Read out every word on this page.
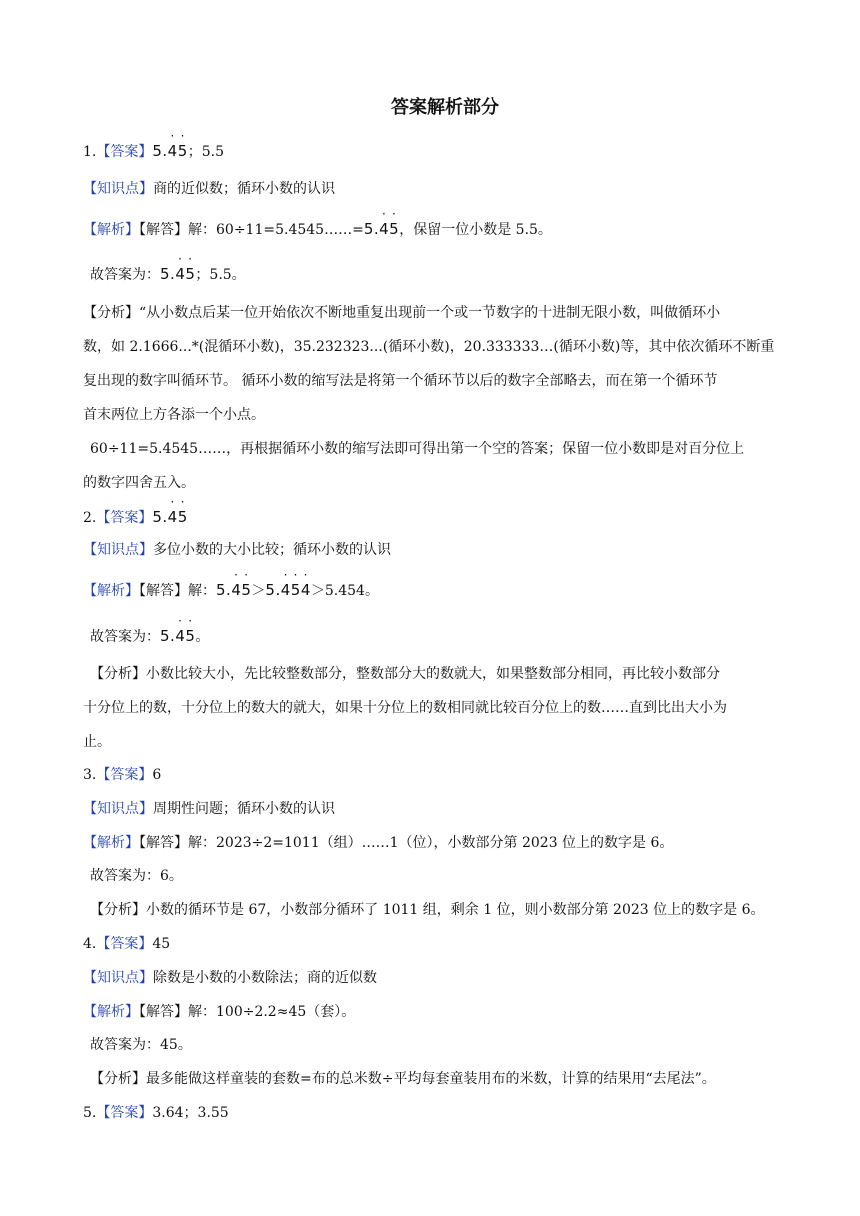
答案解析部分
1.【答案】5.· 4· 5；5.5
【知识点】商的近似数；循环小数的认识
【解析】【解答】解：60÷11=5.4545……=5.· 4· 5，保留一位小数是 5.5。
故答案为：5.· 4· 5；5.5。
【分析】“从小数点后某一位开始依次不断地重复出现前一个或一节数字的十进制无限小数，叫做循环小
数，如 2.1666...*(混循环小数)，35.232323...(循环小数)，20.333333…(循环小数)等，其中依次循环不断重
复出现的数字叫循环节。 循环小数的缩写法是将第一个循环节以后的数字全部略去，而在第一个循环节
首末两位上方各添一个小点。
60÷11=5.4545……，再根据循环小数的缩写法即可得出第一个空的答案；保留一位小数即是对百分位上
的数字四舍五入。
2.【答案】5.· 4· 5
【知识点】多位小数的大小比较；循环小数的认识
【解析】【解答】解：5.· 4· 5＞5.· 4· 5· 4＞5.454。
故答案为：5.· 4· 5。
【分析】小数比较大小，先比较整数部分，整数部分大的数就大，如果整数部分相同，再比较小数部分
十分位上的数，十分位上的数大的就大，如果十分位上的数相同就比较百分位上的数……直到比出大小为
止。
3.【答案】6
【知识点】周期性问题；循环小数的认识
【解析】【解答】解：2023÷2=1011（组）……1（位），小数部分第 2023 位上的数字是 6。
故答案为：6。
【分析】小数的循环节是 67，小数部分循环了 1011 组，剩余 1 位，则小数部分第 2023 位上的数字是 6。
4.【答案】45
【知识点】除数是小数的小数除法；商的近似数
【解析】【解答】解：100÷2.2≈45（套）。
故答案为：45。
【分析】最多能做这样童装的套数=布的总米数÷平均每套童装用布的米数，计算的结果用“去尾法”。
5.【答案】3.64；3.55
